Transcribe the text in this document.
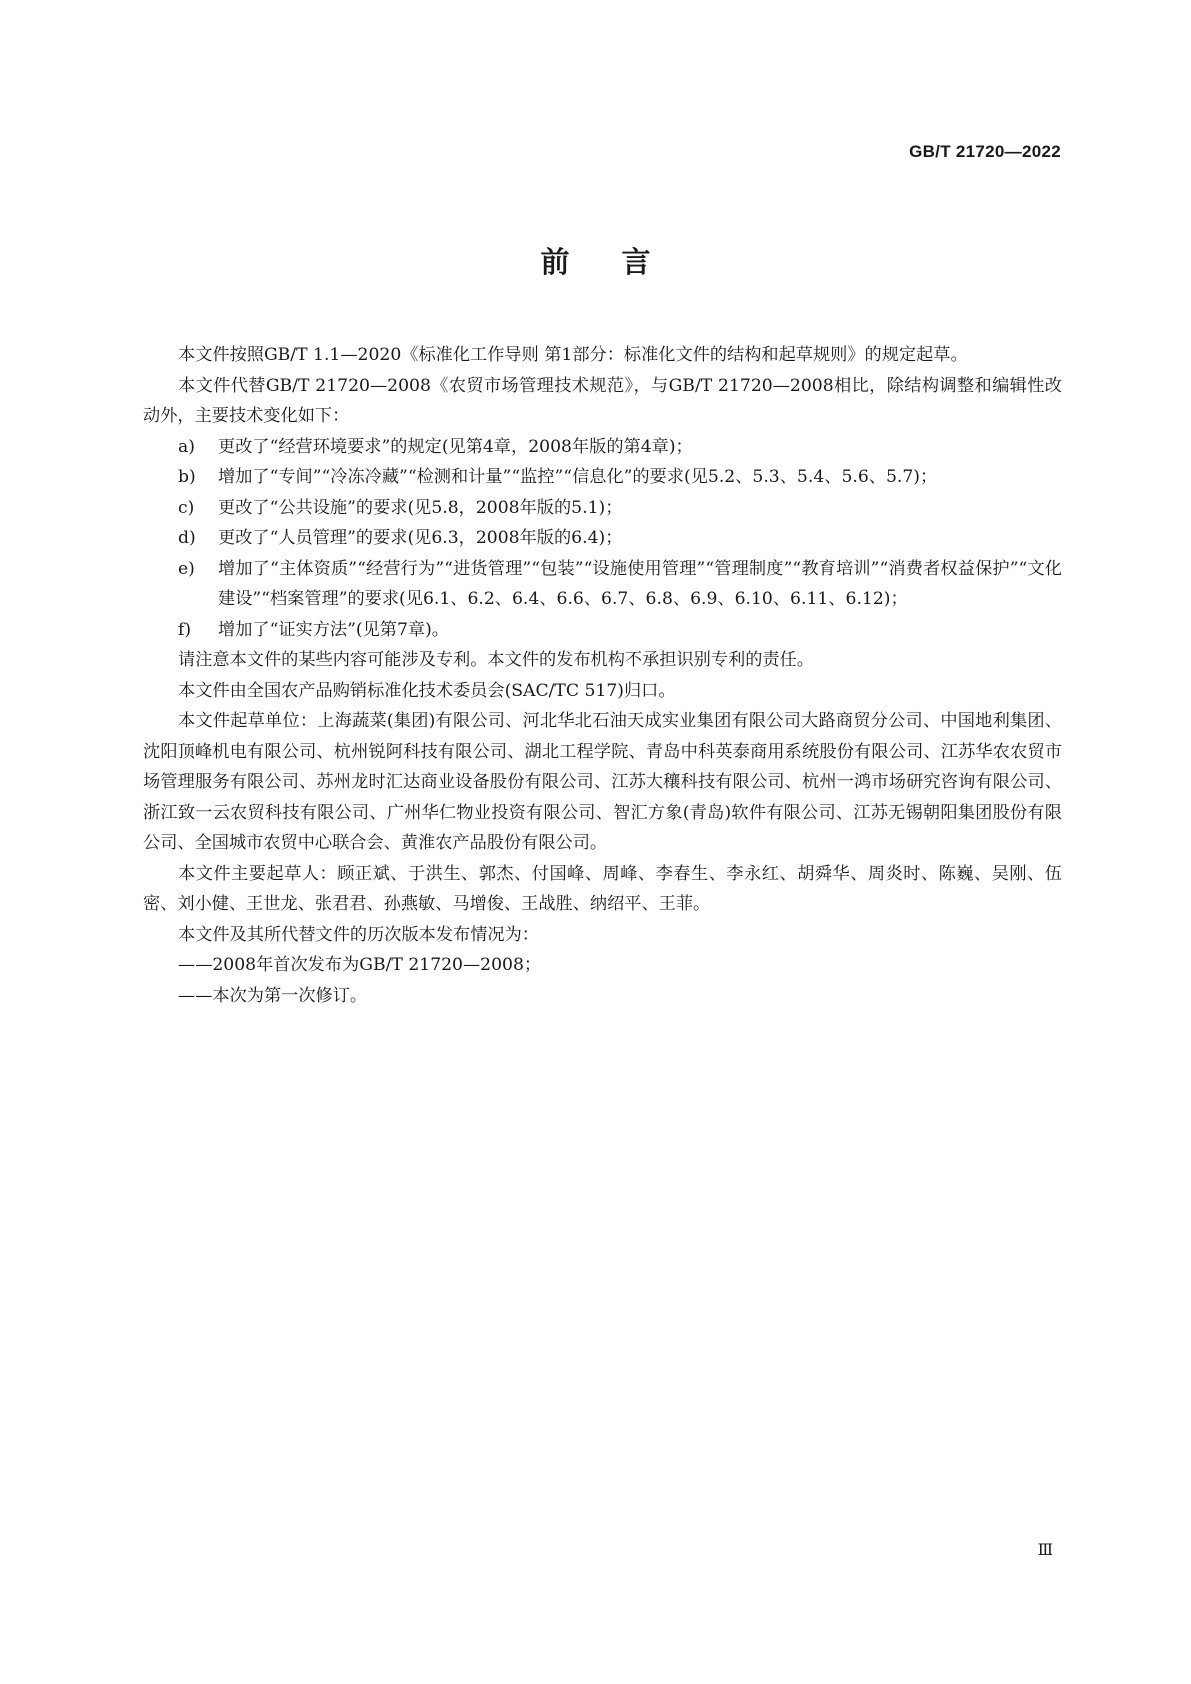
GB/T 21720—2022
前言

本文件按照GB/T 1.1—2020《标准化工作导则 第1部分：标准化文件的结构和起草规则》的规定起草。

本文件代替GB/T 21720—2008《农贸市场管理技术规范》，与GB/T 21720—2008相比，除结构调整和编辑性改动外，主要技术变化如下：

a)	更改了“经营环境要求”的规定(见第4章，2008年版的第4章)；
b)	增加了“专间”“冷冻冷藏”“检测和计量”“监控”“信息化”的要求(见5.2、5.3、5.4、5.6、5.7)；
c)	更改了“公共设施”的要求(见5.8，2008年版的5.1)；
d)	更改了“人员管理”的要求(见6.3，2008年版的6.4)；
e)	增加了“主体资质”“经营行为”“进货管理”“包装”“设施使用管理”“管理制度”“教育培训”“消费者权益保护”“文化建设”“档案管理”的要求(见6.1、6.2、6.4、6.6、6.7、6.8、6.9、6.10、6.11、6.12)；
f)	增加了“证实方法”(见第7章)。

请注意本文件的某些内容可能涉及专利。本文件的发布机构不承担识别专利的责任。

本文件由全国农产品购销标准化技术委员会(SAC/TC 517)归口。

本文件起草单位：上海蔬菜(集团)有限公司、河北华北石油天成实业集团有限公司大路商贸分公司、中国地利集团、沈阳顶峰机电有限公司、杭州锐阿科技有限公司、湖北工程学院、青岛中科英泰商用系统股份有限公司、江苏华农农贸市场管理服务有限公司、苏州龙时汇达商业设备股份有限公司、江苏大穰科技有限公司、杭州一鸿市场研究咨询有限公司、浙江致一云农贸科技有限公司、广州华仁物业投资有限公司、智汇方象(青岛)软件有限公司、江苏无锡朝阳集团股份有限公司、全国城市农贸中心联合会、黄淮农产品股份有限公司。

本文件主要起草人：顾正斌、于洪生、郭杰、付国峰、周峰、李春生、李永红、胡舜华、周炎时、陈巍、吴刚、伍密、刘小健、王世龙、张君君、孙燕敏、马增俊、王战胜、纳绍平、王菲。

本文件及其所代替文件的历次版本发布情况为：

——2008年首次发布为GB/T 21720—2008；

——本次为第一次修订。

Ⅲ
